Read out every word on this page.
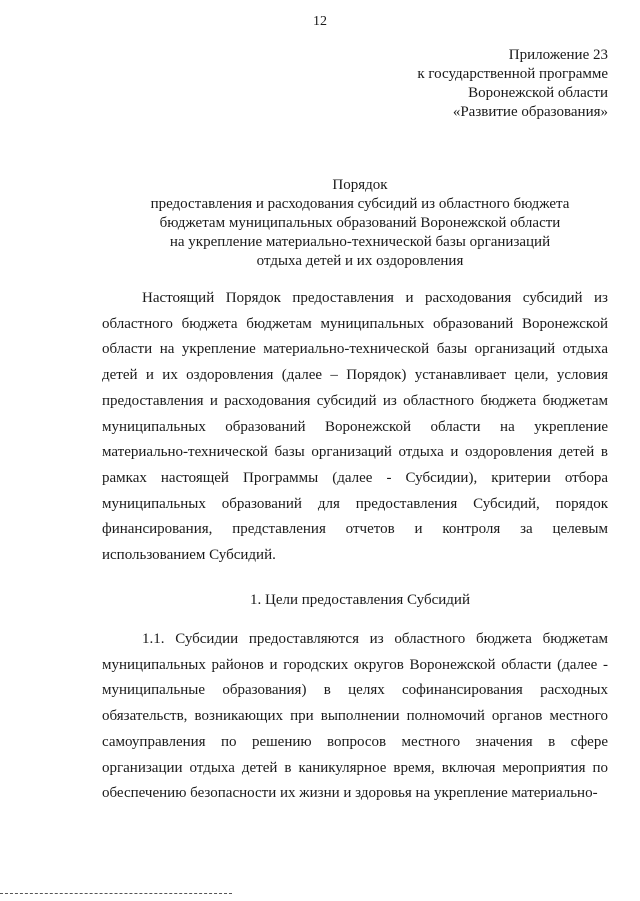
12
Приложение 23
к государственной программе
Воронежской области
«Развитие образования»
Порядок
предоставления и расходования субсидий из областного бюджета
бюджетам муниципальных образований Воронежской области
на укрепление материально-технической базы организаций
отдыха детей и их оздоровления

Настоящий Порядок предоставления и расходования субсидий из областного бюджета бюджетам муниципальных образований Воронежской области на укрепление материально-технической базы организаций отдыха детей и их оздоровления (далее – Порядок) устанавливает цели, условия предоставления и расходования субсидий из областного бюджета бюджетам муниципальных образований Воронежской области на укрепление материально-технической базы организаций отдыха и оздоровления детей в рамках настоящей Программы (далее - Субсидии), критерии отбора муниципальных образований для предоставления Субсидий, порядок финансирования, представления отчетов и контроля за целевым использованием Субсидий.

1. Цели предоставления Субсидий

1.1. Субсидии предоставляются из областного бюджета бюджетам муниципальных районов и городских округов Воронежской области (далее - муниципальные образования) в целях софинансирования расходных обязательств, возникающих при выполнении полномочий органов местного самоуправления по решению вопросов местного значения в сфере организации отдыха детей в каникулярное время, включая мероприятия по обеспечению безопасности их жизни и здоровья на укрепление материально-
